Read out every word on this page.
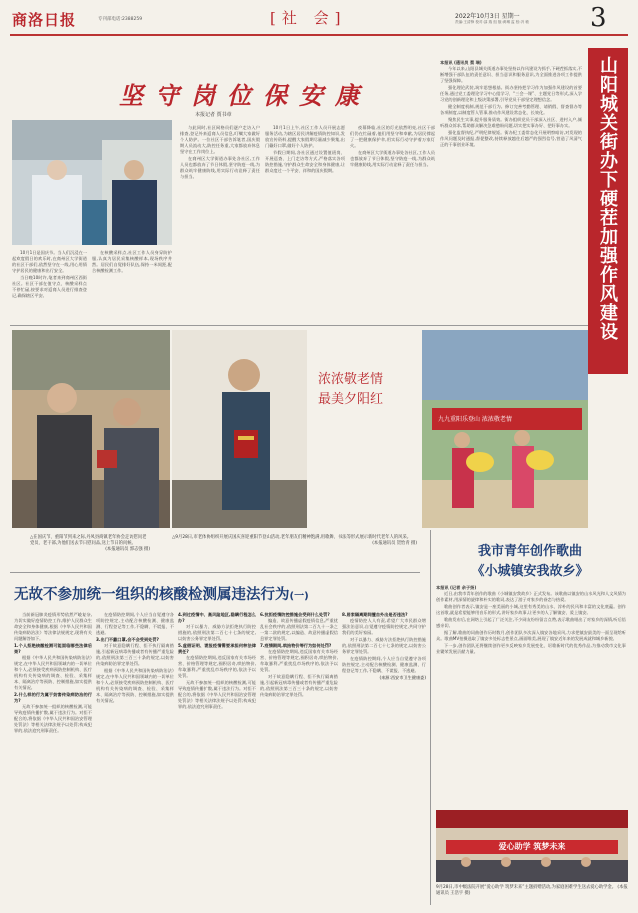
商洛日报	专刊部电话:2388259	[社 会]	2022年10月3日 星期一
责编:王清锋 校对:邵 瑞 组 版:黄琳 监 校:冯 敏 3
坚守岗位保安康
本报记者 贾书章

10月1日是国庆节。当人们沉浸在一起欢度假日的欢乐时,在商州区大学街道的社区干部们,依然坚守在一线,用心用情守护居民的健康和出行安全。

当日晚10时许,笔者来到商州区西街社区。社区干部在值守点、核酸采样点不停忙碌,按要求对返商人员进行排查登记,确保辖区平安。

在核酸采样点,社区工作人员身穿防护服,认真为居民采集核酸样本,现场秩序井然。居民们自觉排好队伍,保持一米间距,配合核酸检测工作。

与此同时,社区网格员们逐户走访入户排查,登记外来返商人员信息,叮嘱大家做好个人防护。一位社区干部告诉笔者,国庆假期人员流动大,防控任务重,大家都放弃休息坚守在工作岗位上。

在商州区大学街道办事处各社区,工作人员也都放弃了节日休假,坚守防疫一线,为群众筑牢健康防线,用实际行动诠释了责任与担当。

10月1日上午,社区工作人员开展志愿服务活动,为辖区居民讲解疫情防控知识,发放宣传资料,提醒大家假期尽量减少聚集,出门戴好口罩,做好个人防护。

节假日期间,各社区通过设置值班岗、开展巡查、上门走访等方式,严格落实各项防控措施,守护群众生命安全和身体健康,让群众度过一个平安、祥和的国庆假期。

夜幕降临,社区的灯光依然明亮,社区干部们仍在忙碌着,他们用坚守和奉献,为居民撑起了一把健康保护伞,用实际行动守护着万家灯火。

在商州区大学街道办事处各社区,工作人员也都放弃了节日休假,坚守防疫一线,为群众筑牢健康防线,用实际行动诠释了责任与担当。

本报讯 (通讯员 蔡 瑞)

今年以来,山阳县城关街道办事处坚持以作风建设为抓手,下硬茬抓落实,不断增强干部队伍的责任意识、担当意识和服务意识,为全面推进各项工作提供了坚强保障。

强化理论武装,筑牢思想根基。街办坚持把学习作为加强作风建设的首要任务,通过党工委理论学习中心组学习、“三会一课”、主题党日等形式,深入学习党的创新理论和上级决策部署,引导党员干部坚定理想信念。

健全制度机制,规范干部行为。修订完善考勤管理、请销假、督查督办等各项制度,以制度管人管事,推动作风建设常态化、长效化。

聚焦民生实事,提升服务质效。街办组织党员干部深入社区、进村入户,倾听群众诉求,帮助群众解决急难愁盼问题,切实把实事办好、把好事办实。

强化监督执纪,严明纪律规矩。街办纪工委常态化开展明察暗访,对发现的作风问题及时通报,督促整改,持续释放越往后越严的强烈信号,营造了风清气正的干事创业环境。	山阳城关街办下硬茬加强作风建设
九九重阳乐登山 浓浓敬老情
浓浓敬老情
最美夕阳红
△在国庆节、重阳节到来之际,丹凤县商镇老年协会走访慰问老党员、老干部,为他们送去节日慰问品,送上节日的问候。
(本报通讯员 郭志强 摄)
△9月28日,市老体协组织开展庆国庆喜迎重阳节登山活动,老年朋友们精神饱满,用歌舞、书法等形式展示新时代老年人的风采。
(本报通讯员 贺怡青 摄)
我市青年创作歌曲
《小城镇安我故乡》
本报讯 (记者 余子扬)

近日,由我市青年创作的歌曲《小城镇安我故乡》正式发布。该歌曲以镇安的山水风光和人文风情为创作素材,用深情的旋律和朴实的歌词,表达了游子对家乡的眷恋与热爱。

歌曲创作者表示,镇安是一座美丽的小城,这里有秀美的山水、淳朴的民风和丰富的文化底蕴。创作这首歌,就是希望能够用音乐的形式,讲好家乡故事,让更多的人了解镇安、爱上镇安。

歌曲发布后,在网络上引起了广泛关注,不少网友纷纷留言点赞,表示歌曲唱出了对家乡的深情,听后倍感亲切。

据了解,歌曲的词曲创作历时数月,创作团队多次深入镇安各地采风,力求把镇安最美的一面呈现给听众。歌曲MV拍摄选取了镇安多处标志性景点,画面唯美,展现了镇安近年来的发展成就和城乡新貌。

下一步,创作团队还将继续创作更多反映家乡发展变化、讴歌新时代的优秀作品,为推动我市文化事业繁荣发展贡献力量。

爱心助学 筑梦未来
9月28日,市中级法院开展“爱心助学 筑梦未来”主题捐赠活动,为家庭困难学生送去爱心助学金。 (本报通讯员 王浩宇 摄)
无故不参加统一组织的核酸检测属违法行为(一)

当前新冠肺炎疫情形势依然严峻复杂,为切实做好疫情防控工作,维护人民群众生命安全和身体健康,根据《中华人民共和国传染病防治法》等法律法规规定,现将有关问题解答如下。

1.个人拒绝核酸检测可能面临哪些法律后果?

根据《中华人民共和国传染病防治法》规定,在中华人民共和国领域内的一切单位和个人,必须接受疾病预防控制机构、医疗机构有关传染病的调查、检验、采集样本、隔离治疗等预防、控制措施,如实提供有关情况。

2.什么样的行为属于妨害传染病防治的行为?

无故不参加统一组织的核酸检测,可能导致疫情传播扩散,属于违法行为。对拒不配合的,将依据《中华人民共和国治安管理处罚法》等相关法律法规予以处罚;构成犯罪的,依法追究刑事责任。

在疫情防控期间,个人应当自觉遵守各项防控规定,主动配合核酸检测、健康监测、行程登记等工作,不隐瞒、不谎报、不逃避。

3.出门不戴口罩,会不会受到处罚?

对于故意隐瞒行程、拒不执行隔离措施,引起新冠病毒传播或者有传播严重危险的,依照刑法第三百三十条的规定,以妨害传染病防治罪定罪处罚。

根据《中华人民共和国传染病防治法》规定,在中华人民共和国领域内的一切单位和个人,必须接受疾病预防控制机构、医疗机构有关传染病的调查、检验、采集样本、隔离治疗等预防、控制措施,如实提供有关情况。

4.到过疫情中、高风险地区,隐瞒行程怎么办?

对于以暴力、威胁方法拒绝执行防控措施的,依照刑法第二百七十七条的规定,以妨害公务罪定罪处罚。

5.虚假证明、谎报疫情需要承担何种法律责任?

在疫情防控期间,违反国家有关市场经营、价格管理等规定,囤积居奇,哄抬物价,牟取暴利,严重扰乱市场秩序的,依法予以处罚。

无故不参加统一组织的核酸检测,可能导致疫情传播扩散,属于违法行为。对拒不配合的,将依据《中华人民共和国治安管理处罚法》等相关法律法规予以处罚;构成犯罪的,依法追究刑事责任。

6.抗拒疫情防控措施会受到什么处罚?

编造、故意传播虚假疫情信息,严重扰乱社会秩序的,依照刑法第二百九十一条之一第二款的规定,以编造、故意传播虚假信息罪定罪处罚。

7.疫情期间,哄抬物价等行为如何处罚?

在疫情防控期间,违反国家有关市场经营、价格管理等规定,囤积居奇,哄抬物价,牟取暴利,严重扰乱市场秩序的,依法予以处罚。

对于故意隐瞒行程、拒不执行隔离措施,引起新冠病毒传播或者有传播严重危险的,依照刑法第三百三十条的规定,以妨害传染病防治罪定罪处罚。

8.居家隔离期间擅自外出是否违法?

疫情防控人人有责,希望广大市民群众增强法治意识,自觉遵守疫情防控规定,共同守护我们的美好家园。

对于以暴力、威胁方法拒绝执行防控措施的,依照刑法第二百七十七条的规定,以妨害公务罪定罪处罚。

在疫情防控期间,个人应当自觉遵守各项防控规定,主动配合核酸检测、健康监测、行程登记等工作,不隐瞒、不谎报、不逃避。

(来源:西安市卫生健康委)
